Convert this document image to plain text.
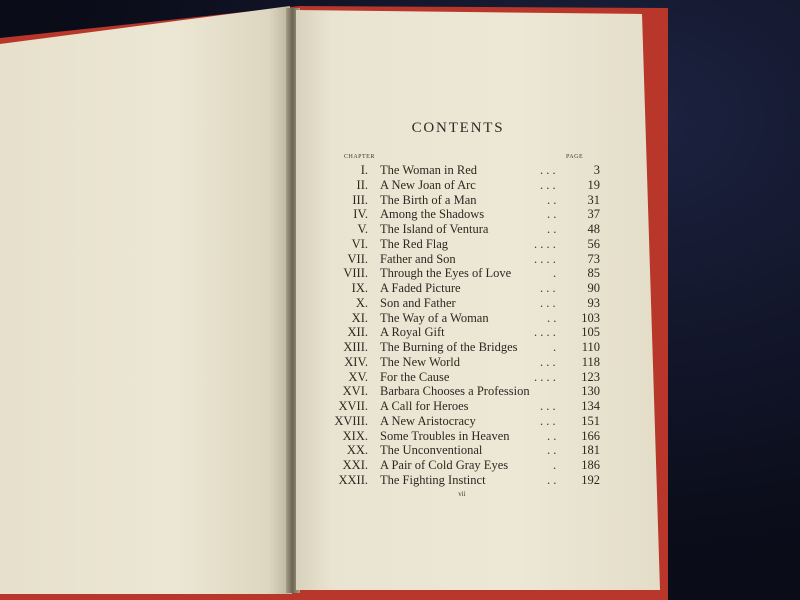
CONTENTS
CHAPTER	PAGE
I. The Woman in Red	. . .	3
II. A New Joan of Arc	. . .	19
III. The Birth of a Man	. .	31
IV. Among the Shadows	. .	37
V. The Island of Ventura	. .	48
VI. The Red Flag	. . . .	56
VII. Father and Son	. . . .	73
VIII. Through the Eyes of Love	.	85
IX. A Faded Picture	. . .	90
X. Son and Father	. . .	93
XI. The Way of a Woman	. .	103
XII. A Royal Gift	. . . .	105
XIII. The Burning of the Bridges	.	110
XIV. The New World	. . .	118
XV. For the Cause	. . . .	123
XVI. Barbara Chooses a Profession	130
XVII. A Call for Heroes	. . .	134
XVIII. A New Aristocracy	. . .	151
XIX. Some Troubles in Heaven	. .	166
XX. The Unconventional	. .	181
XXI. A Pair of Cold Gray Eyes	.	186
XXII. The Fighting Instinct	. .	192
vii
